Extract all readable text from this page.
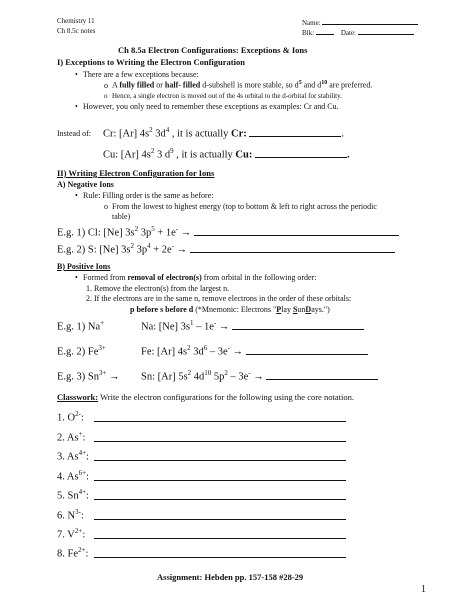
Chemistry 11
Ch 8.5c notes
Name:
Blk:	Date:
Ch 8.5a Electron Configurations: Exceptions & Ions
I) Exceptions to Writing the Electron Configuration
• There are a few exceptions because:
o A fully filled or half- filled d-subshell is more stable, so $d^5$ and $d^{10}$ are preferred.
o Hence, a single electron is moved out of the 4s orbital to the d-orbital for stability.
• However, you only need to remember these exceptions as examples: Cr and Cu.
Instead of: Cr: [Ar] $4s^2$ $3d^4$ , it is actually Cr:	.
Cu: [Ar] $4s^2$ 3 $d^9$ , it is actually Cu:	.
II) Writing Electron Configuration for Ions
A) Negative Ions
• Rule: Filling order is the same as before:
o From the lowest to highest energy (top to bottom & left to right across the periodic
table)
E.g. 1) Cl: [Ne] $3s^2$ $3p^5 + 1e^-$ →
E.g. 2) S: [Ne] $3s^2$ $3p^4 + 2e^-$ →
B) Positive Ions
• Formed from removal of electron(s) from orbital in the following order:
1. Remove the electron(s) from the largest n.
2. If the electrons are in the same n, remove electrons in the order of these orbitals:
p before s before d (*Mnemonic: Electrons "Play SunDays.")
E.g. 1) Na+	Na: [Ne] $3s^1 - 1e^-$ →
E.g. 2) $Fe^{3+}$	Fe: [Ar] $4s^2$ $3d^6 - 3e^-$ →
E.g. 3) $Sn^{3+} \to Sn$: [Ar] $5s^2$ $4d^{10}$ $5p^2 - 3e^-$ →
Classwork: Write the electron configurations for the following using the core notation.
1. $O^{2-}$:
2. As+:
3. $As^{4+}$:
4. $As^{6+}$:
5. $Sn^{4+}$:
6. $N^{3-}$:
7. $V^{2+}$:
8. $Fe^{2+}$:
Assignment: Hebden pp. 157-158 #28-29
1
